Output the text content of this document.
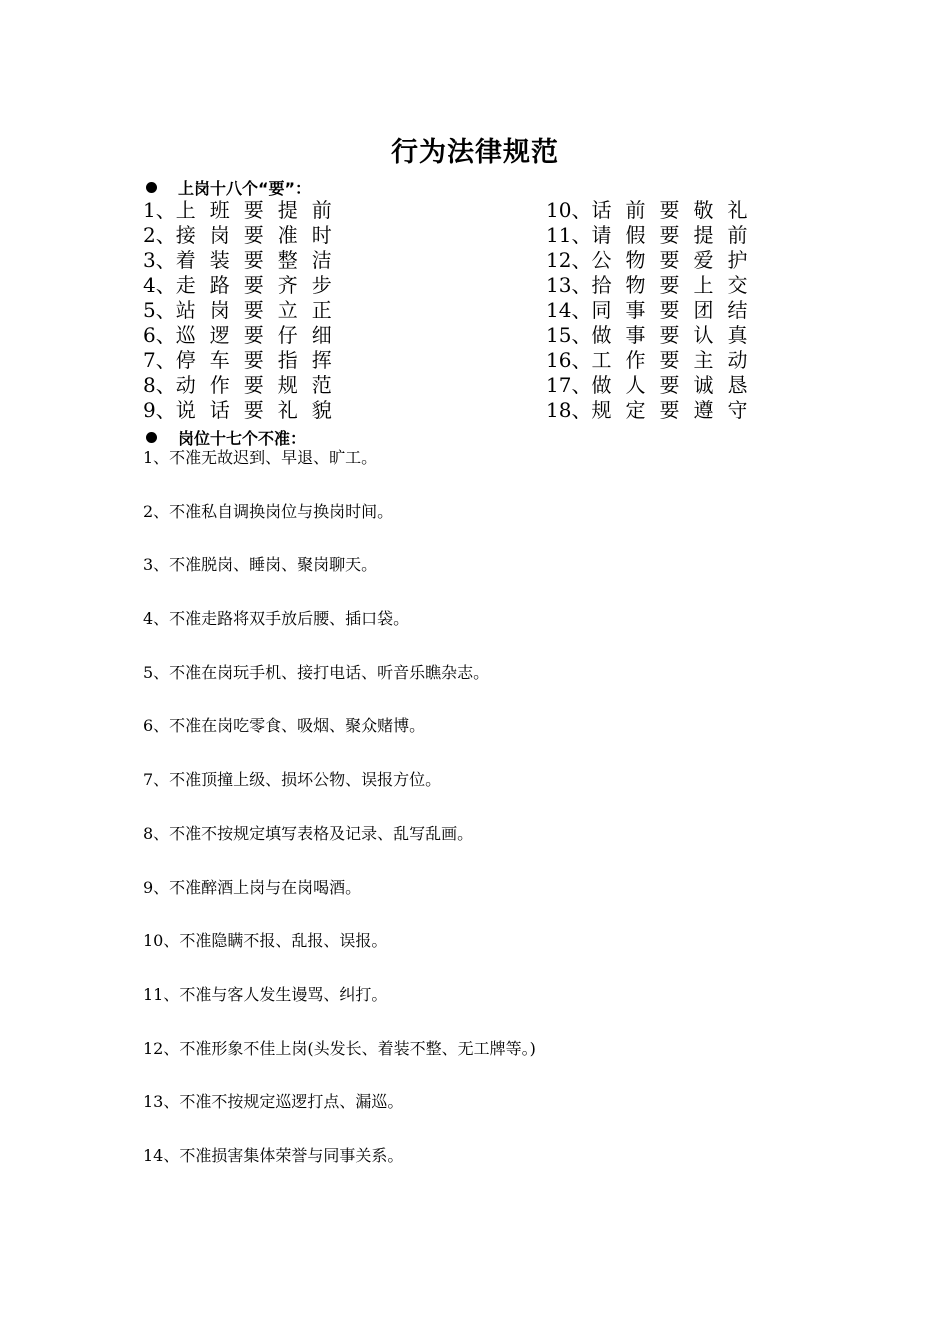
行为法律规范
上岗十八个“要”：
1、上班要提前
2、接岗要准时
3、着装要整洁
4、走路要齐步
5、站岗要立正
6、巡逻要仔细
7、停车要指挥
8、动作要规范
9、说话要礼貌
10、话前要敬礼
11、请假要提前
12、公物要爱护
13、拾物要上交
14、同事要团结
15、做事要认真
16、工作要主动
17、做人要诚恳
18、规定要遵守
岗位十七个不准：
1、不准无故迟到、早退、旷工。
2、不准私自调换岗位与换岗时间。
3、不准脱岗、睡岗、聚岗聊天。
4、不准走路将双手放后腰、插口袋。
5、不准在岗玩手机、接打电话、听音乐瞧杂志。
6、不准在岗吃零食、吸烟、聚众赌博。
7、不准顶撞上级、损坏公物、误报方位。
8、不准不按规定填写表格及记录、乱写乱画。
9、不准醉酒上岗与在岗喝酒。
10、不准隐瞒不报、乱报、误报。
11、不准与客人发生谩骂、纠打。
12、不准形象不佳上岗(头发长、着装不整、无工牌等。)
13、不准不按规定巡逻打点、漏巡。
14、不准损害集体荣誉与同事关系。
